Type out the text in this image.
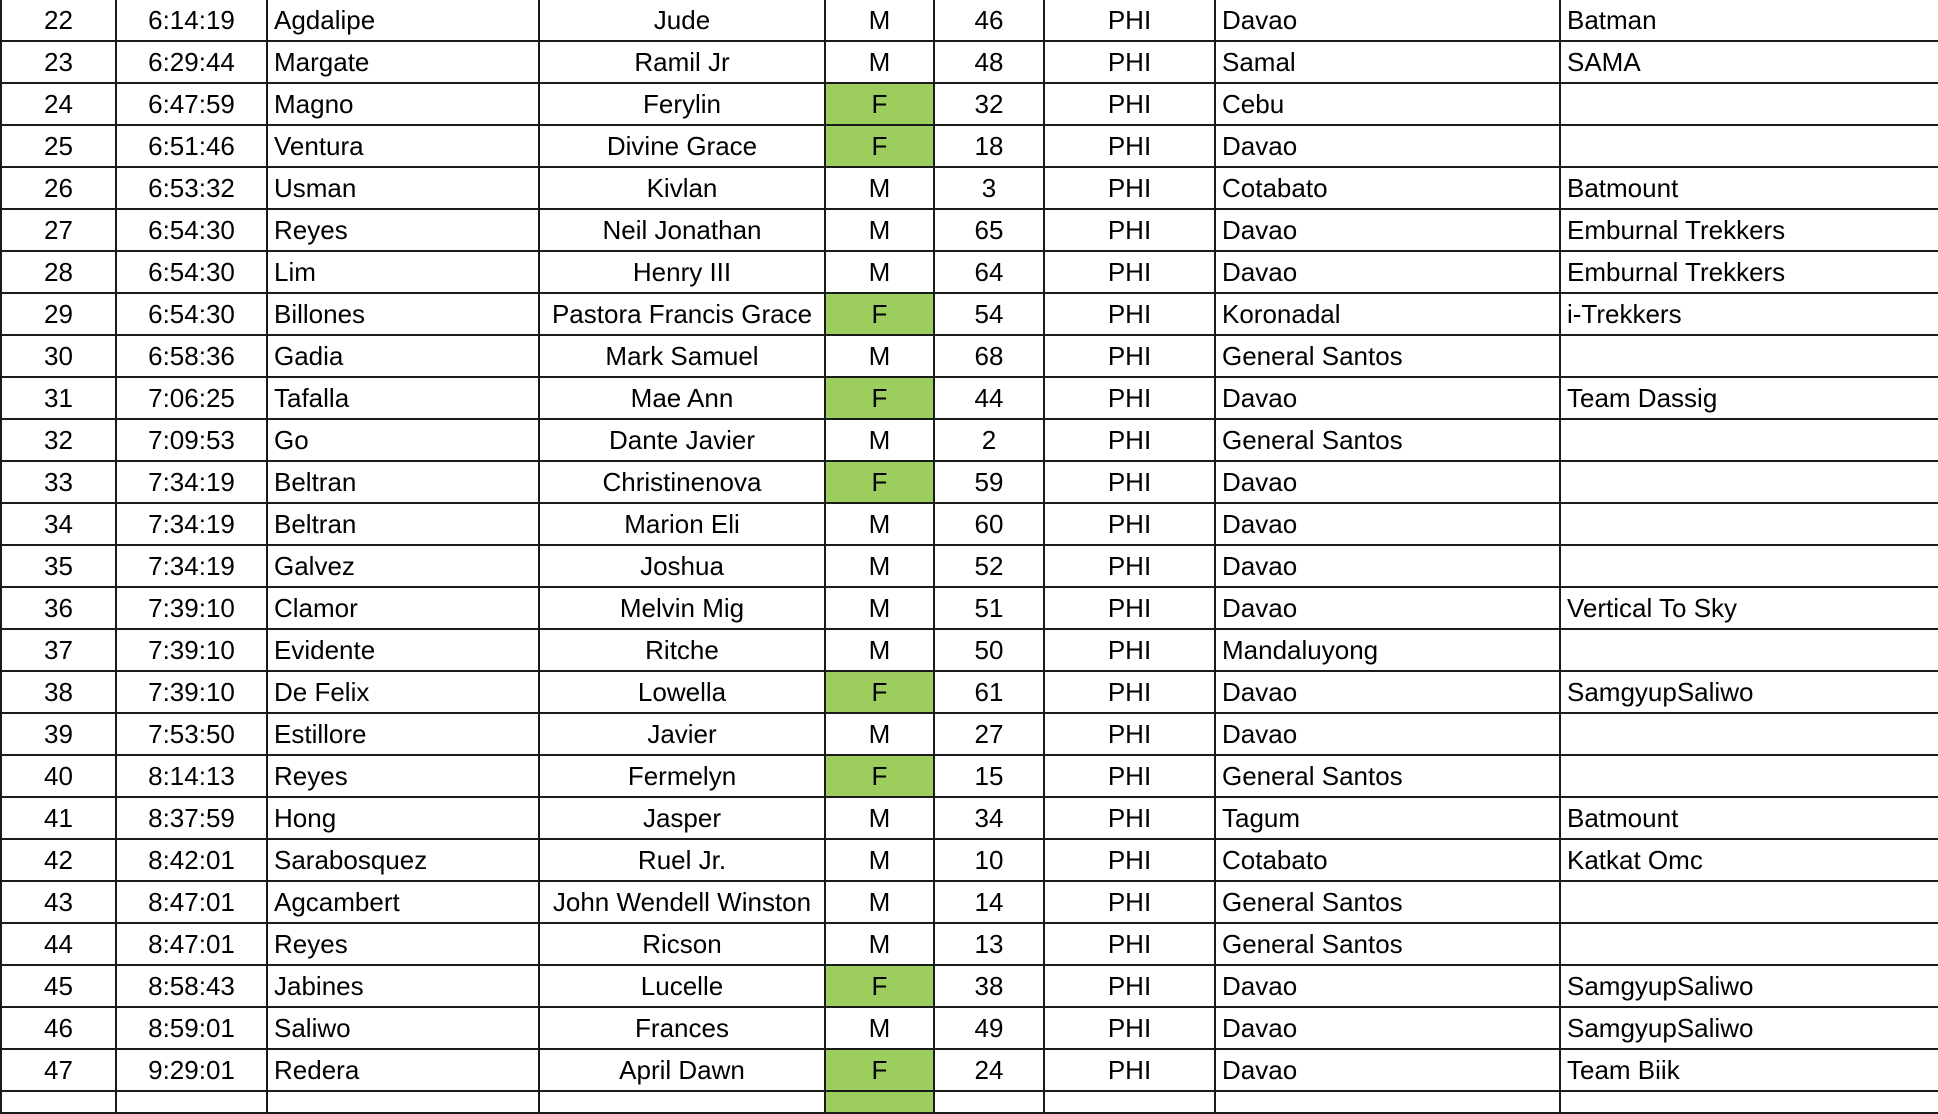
22	6:14:19	Agdalipe	Jude	M	46	PHI	Davao	Batman
23	6:29:44	Margate	Ramil Jr	M	48	PHI	Samal	SAMA
24	6:47:59	Magno	Ferylin	F	32	PHI	Cebu	
25	6:51:46	Ventura	Divine Grace	F	18	PHI	Davao	
26	6:53:32	Usman	Kivlan	M	3	PHI	Cotabato	Batmount
27	6:54:30	Reyes	Neil Jonathan	M	65	PHI	Davao	Emburnal Trekkers
28	6:54:30	Lim	Henry III	M	64	PHI	Davao	Emburnal Trekkers
29	6:54:30	Billones	Pastora Francis Grace	F	54	PHI	Koronadal	i-Trekkers
30	6:58:36	Gadia	Mark Samuel	M	68	PHI	General Santos	
31	7:06:25	Tafalla	Mae Ann	F	44	PHI	Davao	Team Dassig
32	7:09:53	Go	Dante Javier	M	2	PHI	General Santos	
33	7:34:19	Beltran	Christinenova	F	59	PHI	Davao	
34	7:34:19	Beltran	Marion Eli	M	60	PHI	Davao	
35	7:34:19	Galvez	Joshua	M	52	PHI	Davao	
36	7:39:10	Clamor	Melvin Mig	M	51	PHI	Davao	Vertical To Sky
37	7:39:10	Evidente	Ritche	M	50	PHI	Mandaluyong	
38	7:39:10	De Felix	Lowella	F	61	PHI	Davao	SamgyupSaliwo
39	7:53:50	Estillore	Javier	M	27	PHI	Davao	
40	8:14:13	Reyes	Fermelyn	F	15	PHI	General Santos	
41	8:37:59	Hong	Jasper	M	34	PHI	Tagum	Batmount
42	8:42:01	Sarabosquez	Ruel Jr.	M	10	PHI	Cotabato	Katkat Omc
43	8:47:01	Agcambert	John Wendell Winston	M	14	PHI	General Santos	
44	8:47:01	Reyes	Ricson	M	13	PHI	General Santos	
45	8:58:43	Jabines	Lucelle	F	38	PHI	Davao	SamgyupSaliwo
46	8:59:01	Saliwo	Frances	M	49	PHI	Davao	SamgyupSaliwo
47	9:29:01	Redera	April Dawn	F	24	PHI	Davao	Team Biik
